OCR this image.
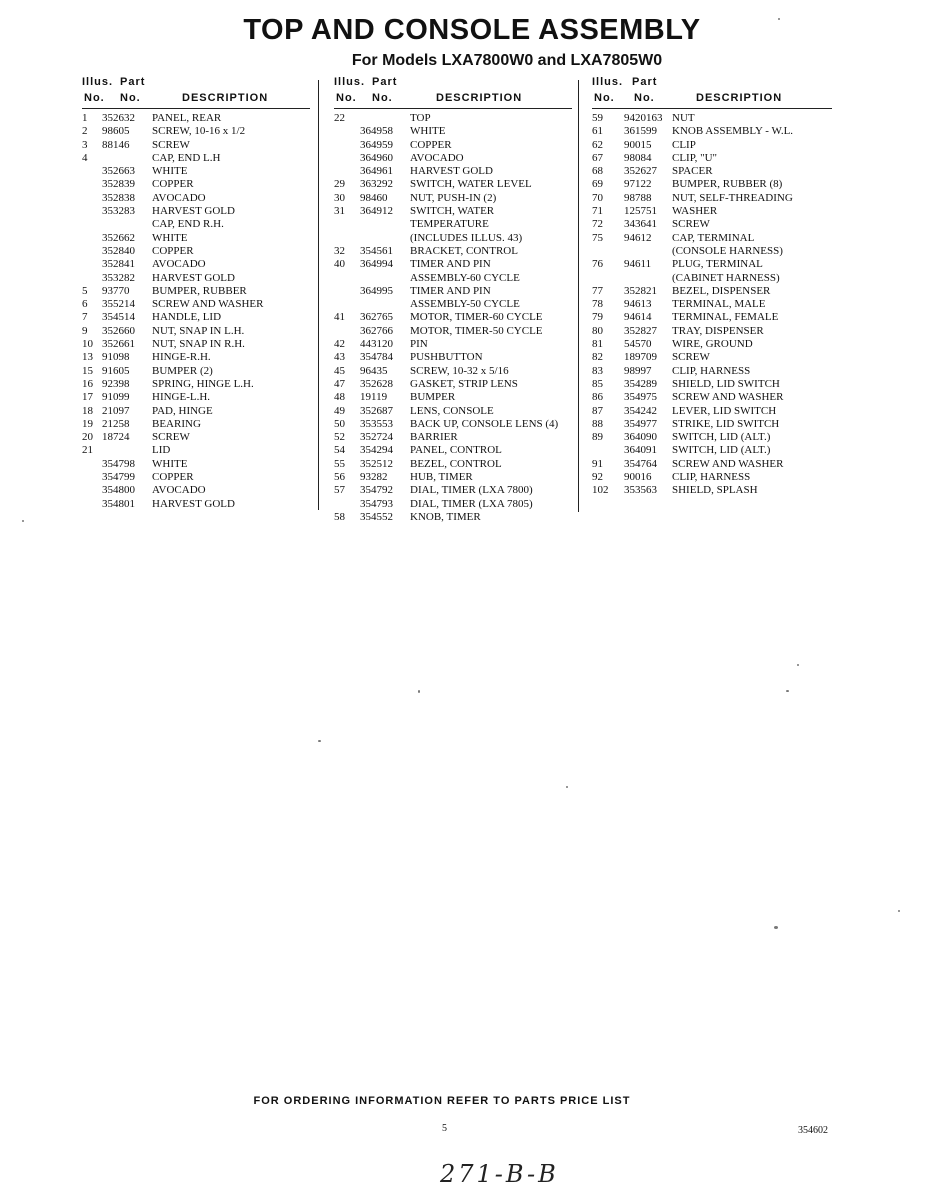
TOP AND CONSOLE ASSEMBLY
For Models LXA7800W0 and LXA7805W0
Illus. Part
No. No.	DESCRIPTION
1 352632 PANEL, REAR
2 98605 SCREW, 10-16 x 1/2
3 88146 SCREW
4	CAP, END L.H
352663 WHITE
352839 COPPER
352838 AVOCADO
353283 HARVEST GOLD
CAP, END R.H.
352662 WHITE
352840 COPPER
352841 AVOCADO
353282 HARVEST GOLD
5 93770 BUMPER, RUBBER
6 355214 SCREW AND WASHER
7 354514 HANDLE, LID
9 352660 NUT, SNAP IN L.H.
10 352661 NUT, SNAP IN R.H.
13 91098 HINGE-R.H.
15 91605 BUMPER (2)
16 92398 SPRING, HINGE L.H.
17 91099 HINGE-L.H.
18 21097 PAD, HINGE
19 21258 BEARING
20 18724 SCREW
21	LID
354798 WHITE
354799 COPPER
354800 AVOCADO
354801 HARVEST GOLD
Illus. Part
No. No.	DESCRIPTION
22	TOP
364958 WHITE
364959 COPPER
364960 AVOCADO
364961 HARVEST GOLD
29 363292 SWITCH, WATER LEVEL
30 98460 NUT, PUSH-IN (2)
31 364912 SWITCH, WATER
TEMPERATURE
(INCLUDES ILLUS. 43)
32 354561 BRACKET, CONTROL
40 364994 TIMER AND PIN
ASSEMBLY-60 CYCLE
364995 TIMER AND PIN
ASSEMBLY-50 CYCLE
41 362765 MOTOR, TIMER-60 CYCLE
362766 MOTOR, TIMER-50 CYCLE
42 443120 PIN
43 354784 PUSHBUTTON
45 96435 SCREW, 10-32 x 5/16
47 352628 GASKET, STRIP LENS
48 19119 BUMPER
49 352687 LENS, CONSOLE
50 353553 BACK UP, CONSOLE LENS (4)
52 352724 BARRIER
54 354294 PANEL, CONTROL
55 352512 BEZEL, CONTROL
56 93282 HUB, TIMER
57 354792 DIAL, TIMER (LXA 7800)
354793 DIAL, TIMER (LXA 7805)
58 354552 KNOB, TIMER
Illus. Part
No. No.	DESCRIPTION
59 9420163 NUT
61 361599 KNOB ASSEMBLY - W.L.
62 90015 CLIP
67 98084 CLIP, "U"
68 352627 SPACER
69 97122 BUMPER, RUBBER (8)
70 98788 NUT, SELF-THREADING
71 125751 WASHER
72 343641 SCREW
75 94612 CAP, TERMINAL
(CONSOLE HARNESS)
76 94611 PLUG, TERMINAL
(CABINET HARNESS)
77 352821 BEZEL, DISPENSER
78 94613 TERMINAL, MALE
79 94614 TERMINAL, FEMALE
80 352827 TRAY, DISPENSER
81 54570 WIRE, GROUND
82 189709 SCREW
83 98997 CLIP, HARNESS
85 354289 SHIELD, LID SWITCH
86 354975 SCREW AND WASHER
87 354242 LEVER, LID SWITCH
88 354977 STRIKE, LID SWITCH
89 364090 SWITCH, LID (ALT.)
364091 SWITCH, LID (ALT.)
91 354764 SCREW AND WASHER
92 90016 CLIP, HARNESS
102 353563 SHIELD, SPLASH
FOR ORDERING INFORMATION REFER TO PARTS PRICE LIST
5	354602
271-B-B
